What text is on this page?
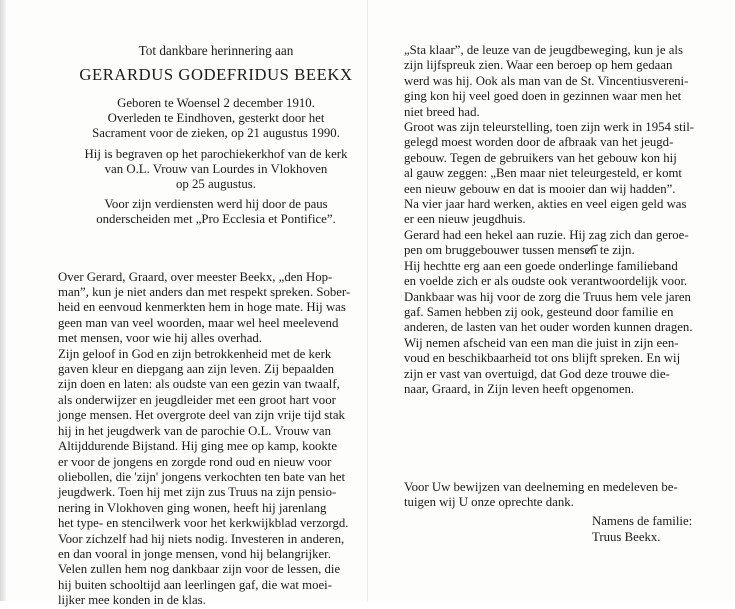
Tot dankbare herinnering aan

GERARDUS GODEFRIDUS BEEKX

Geboren te Woensel 2 december 1910.
Overleden te Eindhoven, gesterkt door het
Sacrament voor de zieken, op 21 augustus 1990.

Hij is begraven op het parochiekerkhof van de kerk
van O.L. Vrouw van Lourdes in Vlokhoven
op 25 augustus.

Voor zijn verdiensten werd hij door de paus
onderscheiden met „Pro Ecclesia et Pontifice”.

Over Gerard, Graard, over meester Beekx, „den Hop-
man”, kun je niet anders dan met respekt spreken. Sober-
heid en eenvoud kenmerkten hem in hoge mate. Hij was
geen man van veel woorden, maar wel heel meelevend
met mensen, voor wie hij alles overhad.
Zijn geloof in God en zijn betrokkenheid met de kerk
gaven kleur en diepgang aan zijn leven. Zij bepaalden
zijn doen en laten: als oudste van een gezin van twaalf,
als onderwijzer en jeugdleider met een groot hart voor
jonge mensen. Het overgrote deel van zijn vrije tijd stak
hij in het jeugdwerk van de parochie O.L. Vrouw van
Altijddurende Bijstand. Hij ging mee op kamp, kookte
er voor de jongens en zorgde rond oud en nieuw voor
oliebollen, die 'zijn' jongens verkochten ten bate van het
jeugdwerk. Toen hij met zijn zus Truus na zijn pensio-
nering in Vlokhoven ging wonen, heeft hij jarenlang
het type- en stencilwerk voor het kerkwijkblad verzorgd.
Voor zichzelf had hij niets nodig. Investeren in anderen,
en dan vooral in jonge mensen, vond hij belangrijker.
Velen zullen hem nog dankbaar zijn voor de lessen, die
hij buiten schooltijd aan leerlingen gaf, die wat moei-
lijker mee konden in de klas.
„Sta klaar”, de leuze van de jeugdbeweging, kun je als
zijn lijfspreuk zien. Waar een beroep op hem gedaan
werd was hij. Ook als man van de St. Vincentiusvereni-
ging kon hij veel goed doen in gezinnen waar men het
niet breed had.
Groot was zijn teleurstelling, toen zijn werk in 1954 stil-
gelegd moest worden door de afbraak van het jeugd-
gebouw. Tegen de gebruikers van het gebouw kon hij
al gauw zeggen: „Ben maar niet teleurgesteld, er komt
een nieuw gebouw en dat is mooier dan wij hadden”.
Na vier jaar hard werken, akties en veel eigen geld was
er een nieuw jeugdhuis.
Gerard had een hekel aan ruzie. Hij zag zich dan geroe-
pen om bruggebouwer tussen mensen te zijn.
Hij hechtte erg aan een goede onderlinge familieband
en voelde zich er als oudste ook verantwoordelijk voor.
Dankbaar was hij voor de zorg die Truus hem vele jaren
gaf. Samen hebben zij ook, gesteund door familie en
anderen, de lasten van het ouder worden kunnen dragen.
Wij nemen afscheid van een man die juist in zijn een-
voud en beschikbaarheid tot ons blijft spreken. En wij
zijn er vast van overtuigd, dat God deze trouwe die-
naar, Graard, in Zijn leven heeft opgenomen.
Voor Uw bewijzen van deelneming en medeleven be-
tuigen wij U onze oprechte dank.
Namens de familie:
Truus Beekx.
